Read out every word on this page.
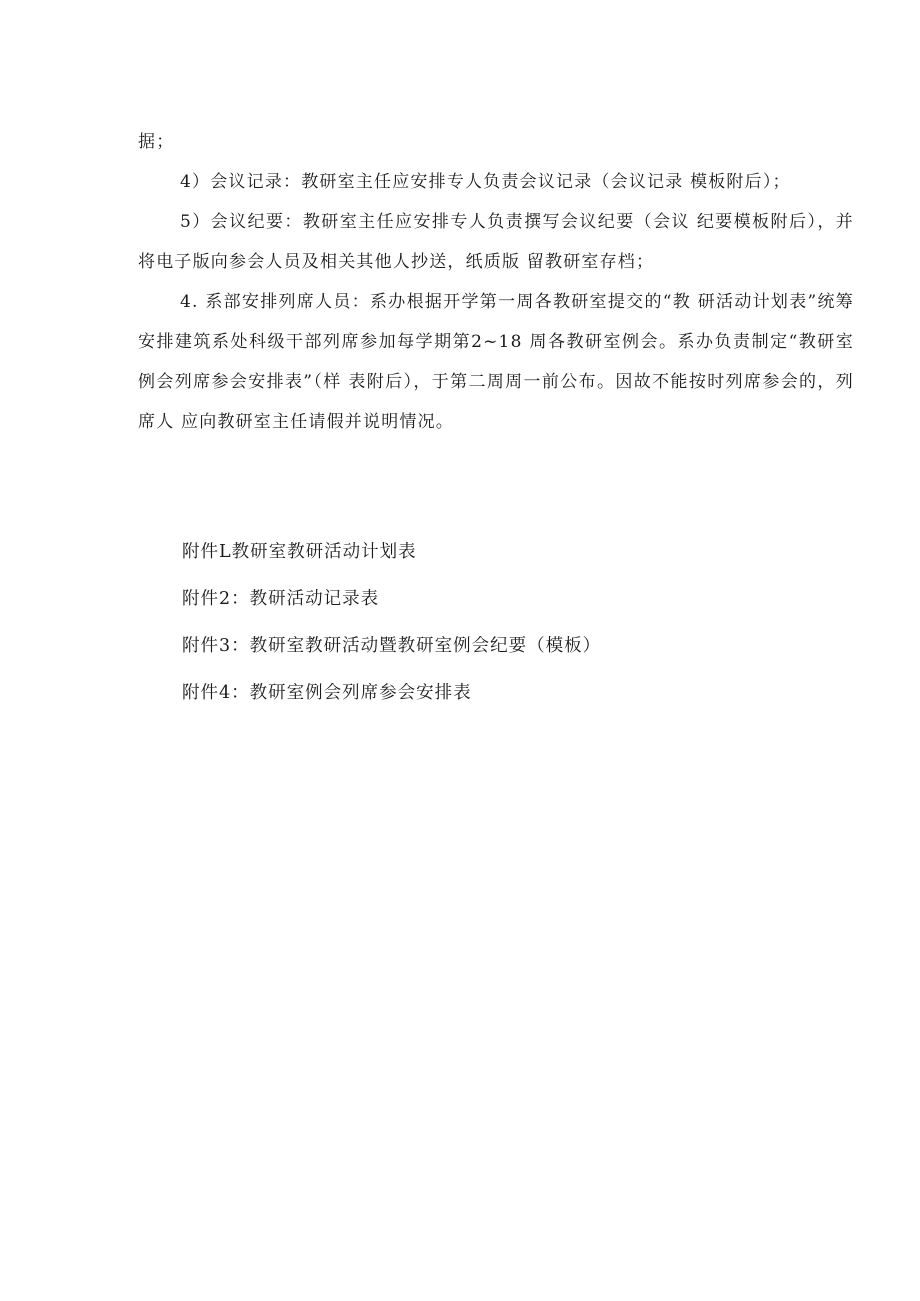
据；

4）会议记录：教研室主任应安排专人负责会议记录（会议记录 模板附后）；

5）会议纪要：教研室主任应安排专人负责撰写会议纪要（会议 纪要模板附后），并将电子版向参会人员及相关其他人抄送，纸质版 留教研室存档；

4. 系部安排列席人员：系办根据开学第一周各教研室提交的“教 研活动计划表”统筹安排建筑系处科级干部列席参加每学期第2~18 周各教研室例会。系办负责制定“教研室例会列席参会安排表”（样 表附后），于第二周周一前公布。因故不能按时列席参会的，列席人 应向教研室主任请假并说明情况。

附件L教研室教研活动计划表

附件2：教研活动记录表

附件3：教研室教研活动暨教研室例会纪要（模板）

附件4：教研室例会列席参会安排表
